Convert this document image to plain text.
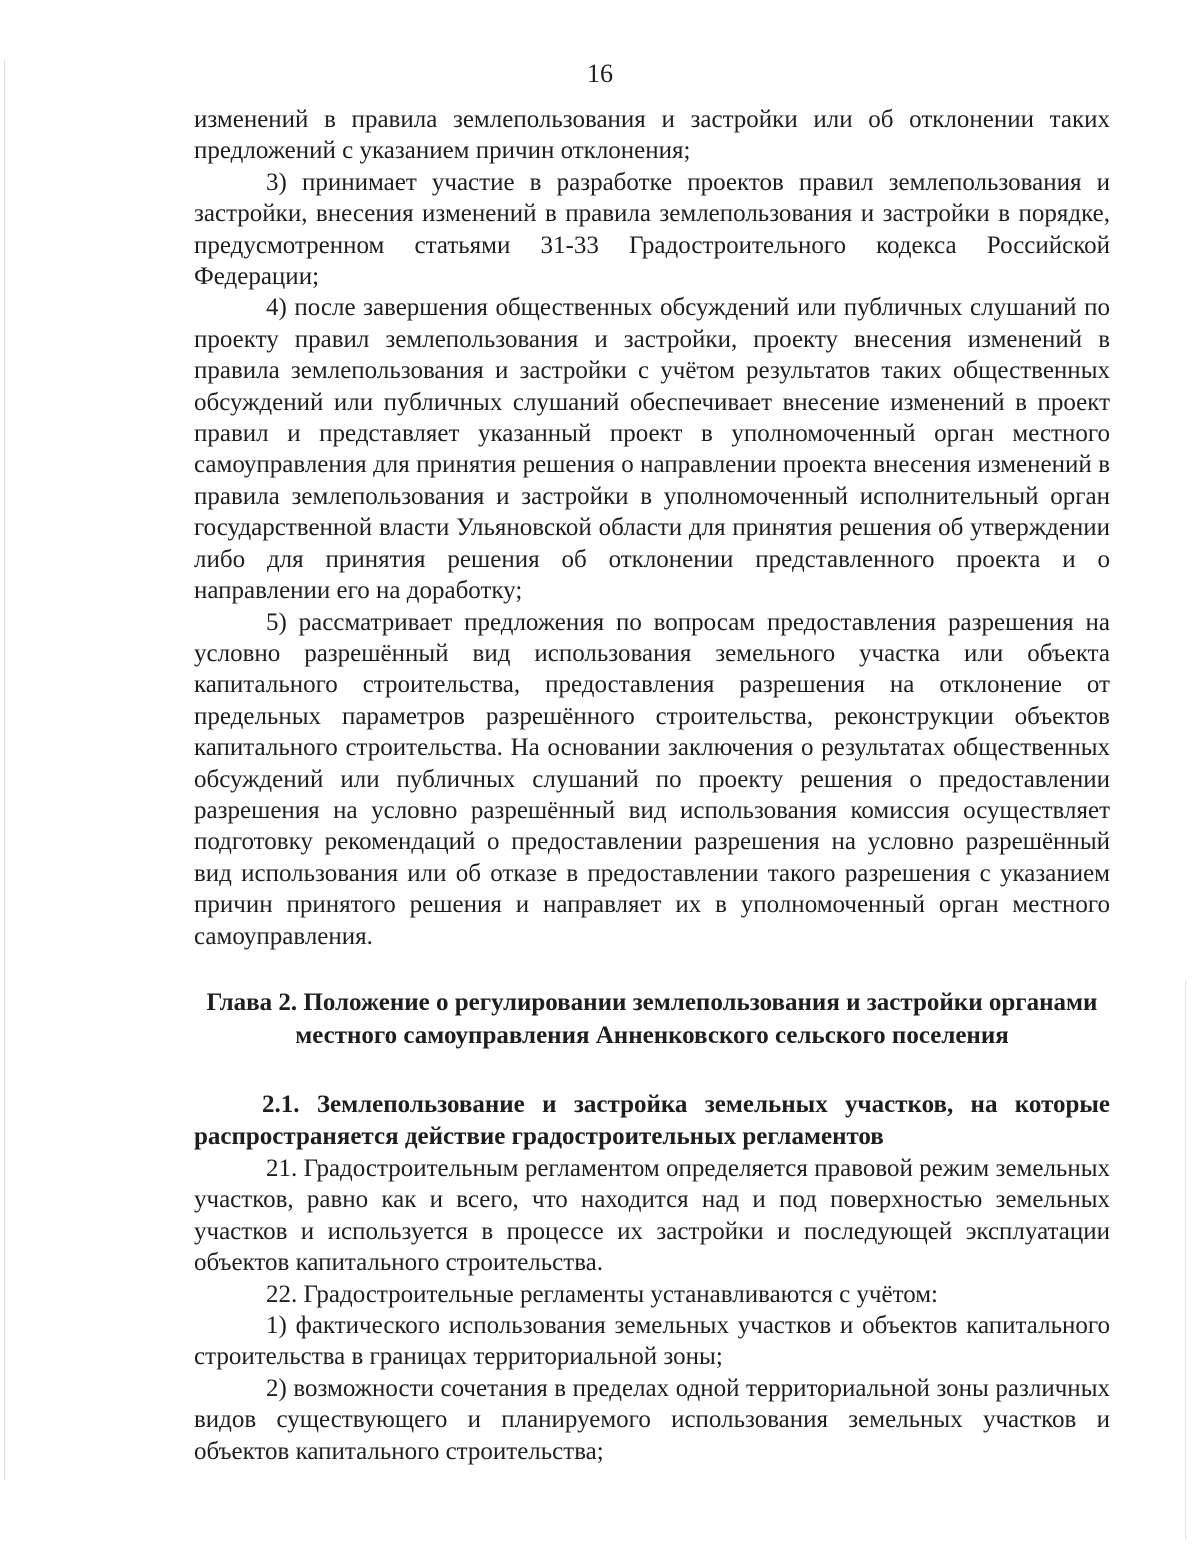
16

изменений в правила землепользования и застройки или об отклонении таких предложений с указанием причин отклонения;

3) принимает участие в разработке проектов правил землепользования и застройки, внесения изменений в правила землепользования и застройки в порядке, предусмотренном статьями 31-33 Градостроительного кодекса Российской Федерации;

4) после завершения общественных обсуждений или публичных слушаний по проекту правил землепользования и застройки, проекту внесения изменений в правила землепользования и застройки с учётом результатов таких общественных обсуждений или публичных слушаний обеспечивает внесение изменений в проект правил и представляет указанный проект в уполномоченный орган местного самоуправления для принятия решения о направлении проекта внесения изменений в правила землепользования и застройки в уполномоченный исполнительный орган государственной власти Ульяновской области для принятия решения об утверждении либо для принятия решения об отклонении представленного проекта и о направлении его на доработку;

5) рассматривает предложения по вопросам предоставления разрешения на условно разрешённый вид использования земельного участка или объекта капитального строительства, предоставления разрешения на отклонение от предельных параметров разрешённого строительства, реконструкции объектов капитального строительства. На основании заключения о результатах общественных обсуждений или публичных слушаний по проекту решения о предоставлении разрешения на условно разрешённый вид использования комиссия осуществляет подготовку рекомендаций о предоставлении разрешения на условно разрешённый вид использования или об отказе в предоставлении такого разрешения с указанием причин принятого решения и направляет их в уполномоченный орган местного самоуправления.

Глава 2. Положение о регулировании землепользования и застройки органами местного самоуправления Анненковского сельского поселения

2.1. Землепользование и застройка земельных участков, на которые распространяется действие градостроительных регламентов

21. Градостроительным регламентом определяется правовой режим земельных участков, равно как и всего, что находится над и под поверхностью земельных участков и используется в процессе их застройки и последующей эксплуатации объектов капитального строительства.

22. Градостроительные регламенты устанавливаются с учётом:

1) фактического использования земельных участков и объектов капитального строительства в границах территориальной зоны;

2) возможности сочетания в пределах одной территориальной зоны различных видов существующего и планируемого использования земельных участков и объектов капитального строительства;
